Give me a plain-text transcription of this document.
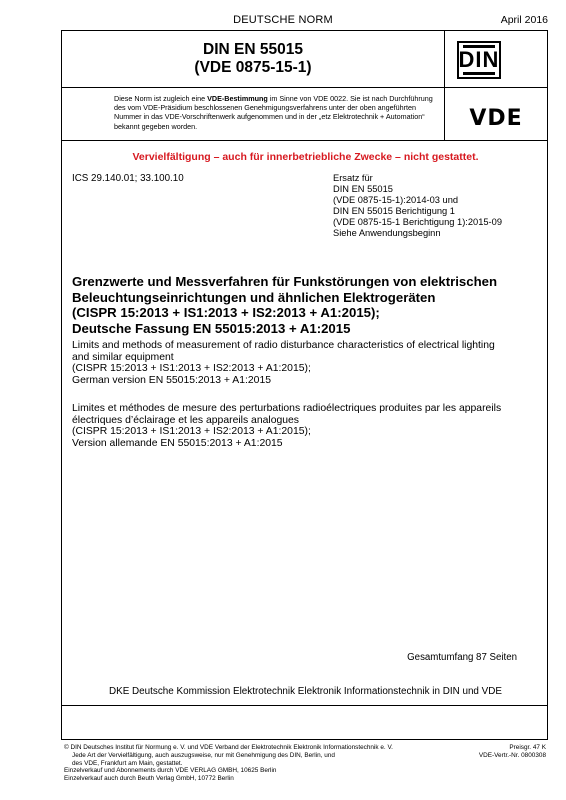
DEUTSCHE NORM	April 2016
DIN EN 55015
(VDE 0875-15-1)	DIN
Diese Norm ist zugleich eine VDE-Bestimmung im Sinne von VDE 0022. Sie ist nach Durchführung des vom VDE-Präsidium beschlossenen Genehmigungsverfahrens unter der oben angeführten Nummer in das VDE-Vorschriftenwerk aufgenommen und in der „etz Elektrotechnik + Automation“ bekannt gegeben worden.	VDE
Vervielfältigung – auch für innerbetriebliche Zwecke – nicht gestattet.
ICS 29.140.01; 33.100.10	Ersatz für
DIN EN 55015
(VDE 0875-15-1):2014-03 und
DIN EN 55015 Berichtigung 1
(VDE 0875-15-1 Berichtigung 1):2015-09
Siehe Anwendungsbeginn
Grenzwerte und Messverfahren für Funkstörungen von elektrischen
Beleuchtungseinrichtungen und ähnlichen Elektrogeräten
(CISPR 15:2013 + IS1:2013 + IS2:2013 + A1:2015);
Deutsche Fassung EN 55015:2013 + A1:2015
Limits and methods of measurement of radio disturbance characteristics of electrical lighting
and similar equipment
(CISPR 15:2013 + IS1:2013 + IS2:2013 + A1:2015);
German version EN 55015:2013 + A1:2015
Limites et méthodes de mesure des perturbations radioélectriques produites par les appareils
électriques d’éclairage et les appareils analogues
(CISPR 15:2013 + IS1:2013 + IS2:2013 + A1:2015);
Version allemande EN 55015:2013 + A1:2015
Gesamtumfang 87 Seiten
DKE Deutsche Kommission Elektrotechnik Elektronik Informationstechnik in DIN und VDE
© DIN Deutsches Institut für Normung e. V. und VDE Verband der Elektrotechnik Elektronik Informationstechnik e. V.
Jede Art der Vervielfältigung, auch auszugsweise, nur mit Genehmigung des DIN, Berlin, und
des VDE, Frankfurt am Main, gestattet.
Einzelverkauf und Abonnements durch VDE VERLAG GMBH, 10625 Berlin
Einzelverkauf auch durch Beuth Verlag GmbH, 10772 Berlin
Preisgr. 47 K
VDE-Vertr.-Nr. 0800308
